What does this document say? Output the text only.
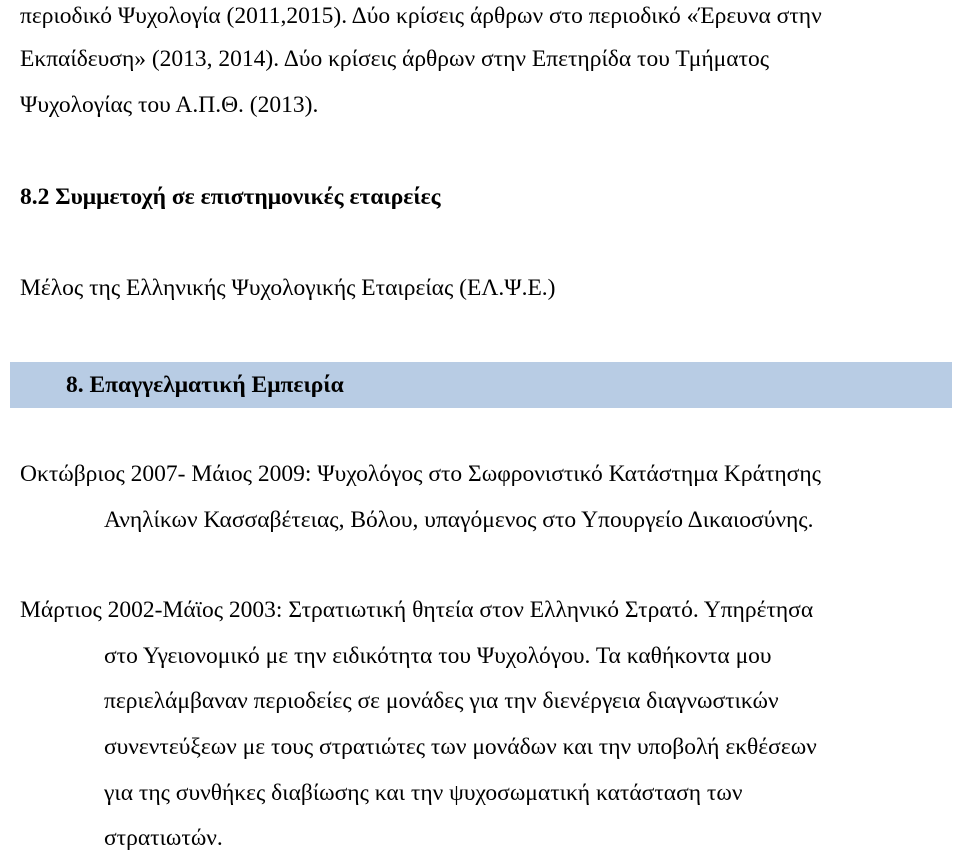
περιοδικό Ψυχολογία (2011,2015). Δύο κρίσεις άρθρων στο περιοδικό «Έρευνα στην
Εκπαίδευση» (2013, 2014). Δύο κρίσεις άρθρων στην Επετηρίδα του Τμήματος
Ψυχολογίας του Α.Π.Θ. (2013).
8.2 Συμμετοχή σε επιστημονικές εταιρείες
Μέλος της Ελληνικής Ψυχολογικής Εταιρείας (ΕΛ.Ψ.Ε.)
8. Επαγγελματική Εμπειρία
Οκτώβριος 2007- Μάιος 2009: Ψυχολόγος στο Σωφρονιστικό Κατάστημα Κράτησης
Ανηλίκων Κασσαβέτειας, Βόλου, υπαγόμενος στο Υπουργείο Δικαιοσύνης.
Μάρτιος 2002-Μάϊος 2003: Στρατιωτική θητεία στον Ελληνικό Στρατό. Υπηρέτησα
στο Υγειονομικό με την ειδικότητα του Ψυχολόγου. Τα καθήκοντα μου
περιελάμβαναν περιοδείες σε μονάδες για την διενέργεια διαγνωστικών
συνεντεύξεων με τους στρατιώτες των μονάδων και την υποβολή εκθέσεων
για της συνθήκες διαβίωσης και την ψυχοσωματική κατάσταση των
στρατιωτών.
